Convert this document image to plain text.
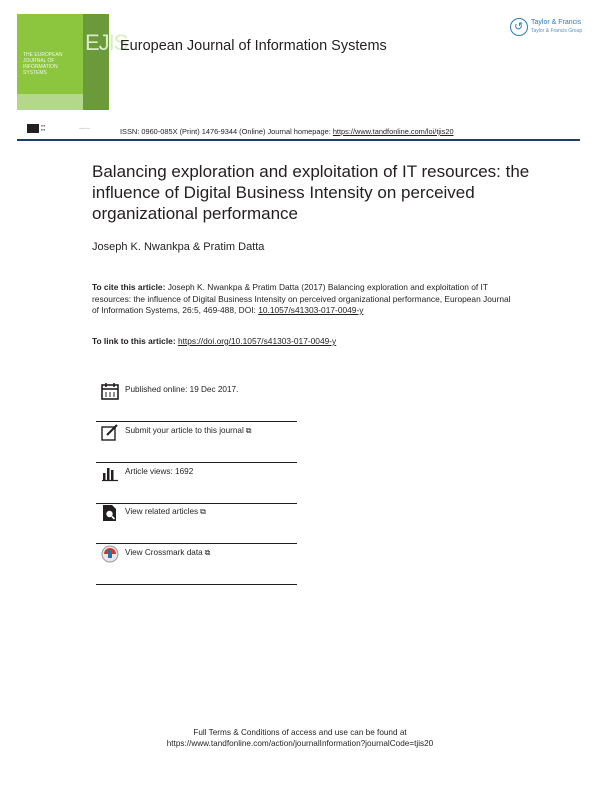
EJIS
THE EUROPEAN
JOURNAL OF
INFORMATION
SYSTEMS
European Journal of Information Systems
↺ Taylor & Francis
Taylor & Francis Group
▪▪▪
▪▪▪	◦◦◦◦◦◦	ISSN: 0960-085X (Print) 1476-9344 (Online) Journal homepage: https://www.tandfonline.com/loi/tjis20
Balancing exploration and exploitation of IT resources: the influence of Digital Business Intensity on perceived organizational performance
Joseph K. Nwankpa & Pratim Datta
To cite this article: Joseph K. Nwankpa & Pratim Datta (2017) Balancing exploration and exploitation of IT resources: the influence of Digital Business Intensity on perceived organizational performance, European Journal of Information Systems, 26:5, 469-488, DOI: 10.1057/s41303-017-0049-y
To link to this article: https://doi.org/10.1057/s41303-017-0049-y
Published online: 19 Dec 2017.
Submit your article to this journal ⧉
Article views: 1692
View related articles ⧉
View Crossmark data ⧉
Full Terms & Conditions of access and use can be found at
https://www.tandfonline.com/action/journalInformation?journalCode=tjis20
